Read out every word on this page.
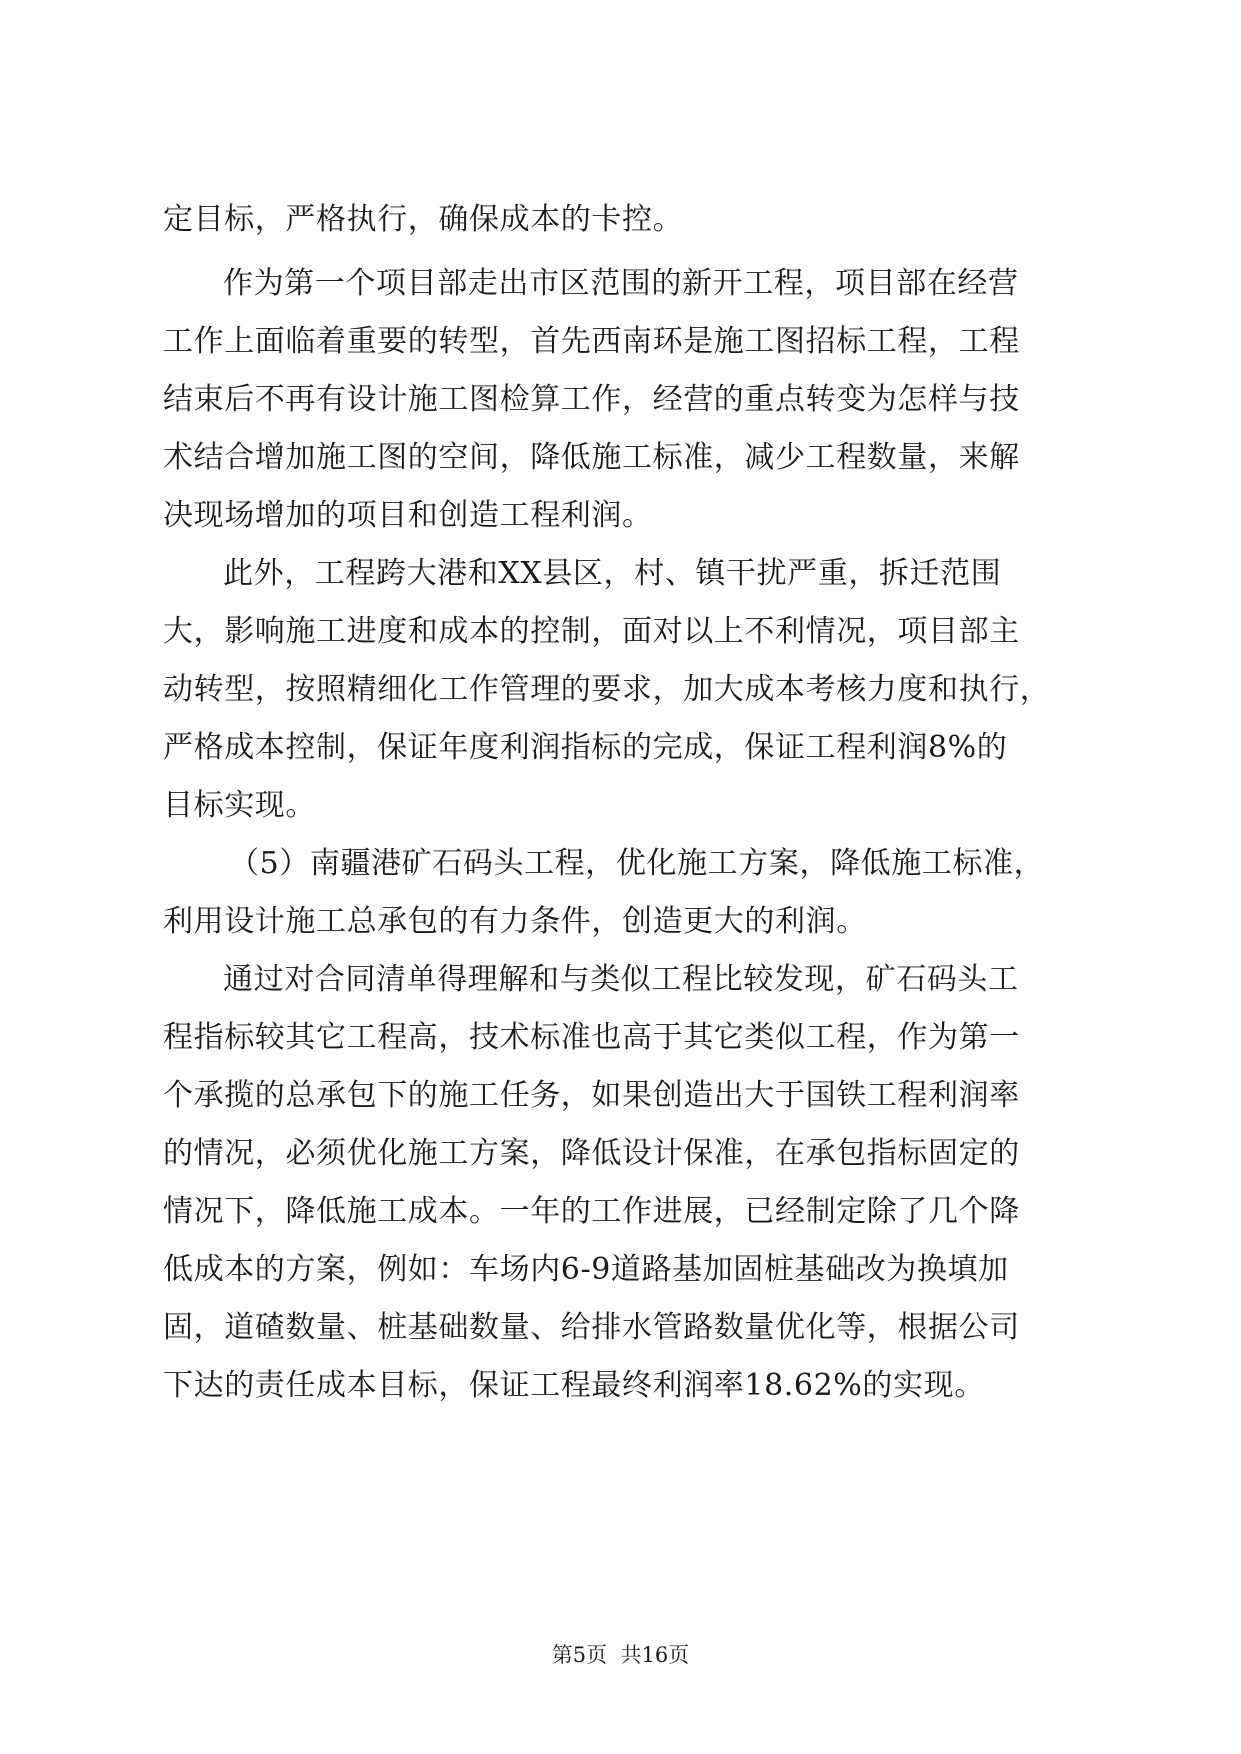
定目标，严格执行，确保成本的卡控。
作为第一个项目部走出市区范围的新开工程，项目部在经营
工作上面临着重要的转型，首先西南环是施工图招标工程，工程
结束后不再有设计施工图检算工作，经营的重点转变为怎样与技
术结合增加施工图的空间，降低施工标准，减少工程数量，来解
决现场增加的项目和创造工程利润。
此外，工程跨大港和XX县区，村、镇干扰严重，拆迁范围
大，影响施工进度和成本的控制，面对以上不利情况，项目部主
动转型，按照精细化工作管理的要求，加大成本考核力度和执行，
严格成本控制，保证年度利润指标的完成，保证工程利润8%的
目标实现。
（5）南疆港矿石码头工程，优化施工方案，降低施工标准，
利用设计施工总承包的有力条件，创造更大的利润。
通过对合同清单得理解和与类似工程比较发现，矿石码头工
程指标较其它工程高，技术标准也高于其它类似工程，作为第一
个承揽的总承包下的施工任务，如果创造出大于国铁工程利润率
的情况，必须优化施工方案，降低设计保准，在承包指标固定的
情况下，降低施工成本。一年的工作进展，已经制定除了几个降
低成本的方案，例如：车场内6-9道路基加固桩基础改为换填加
固，道碴数量、桩基础数量、给排水管路数量优化等，根据公司
下达的责任成本目标，保证工程最终利润率18.62%的实现。
第5页  共16页
